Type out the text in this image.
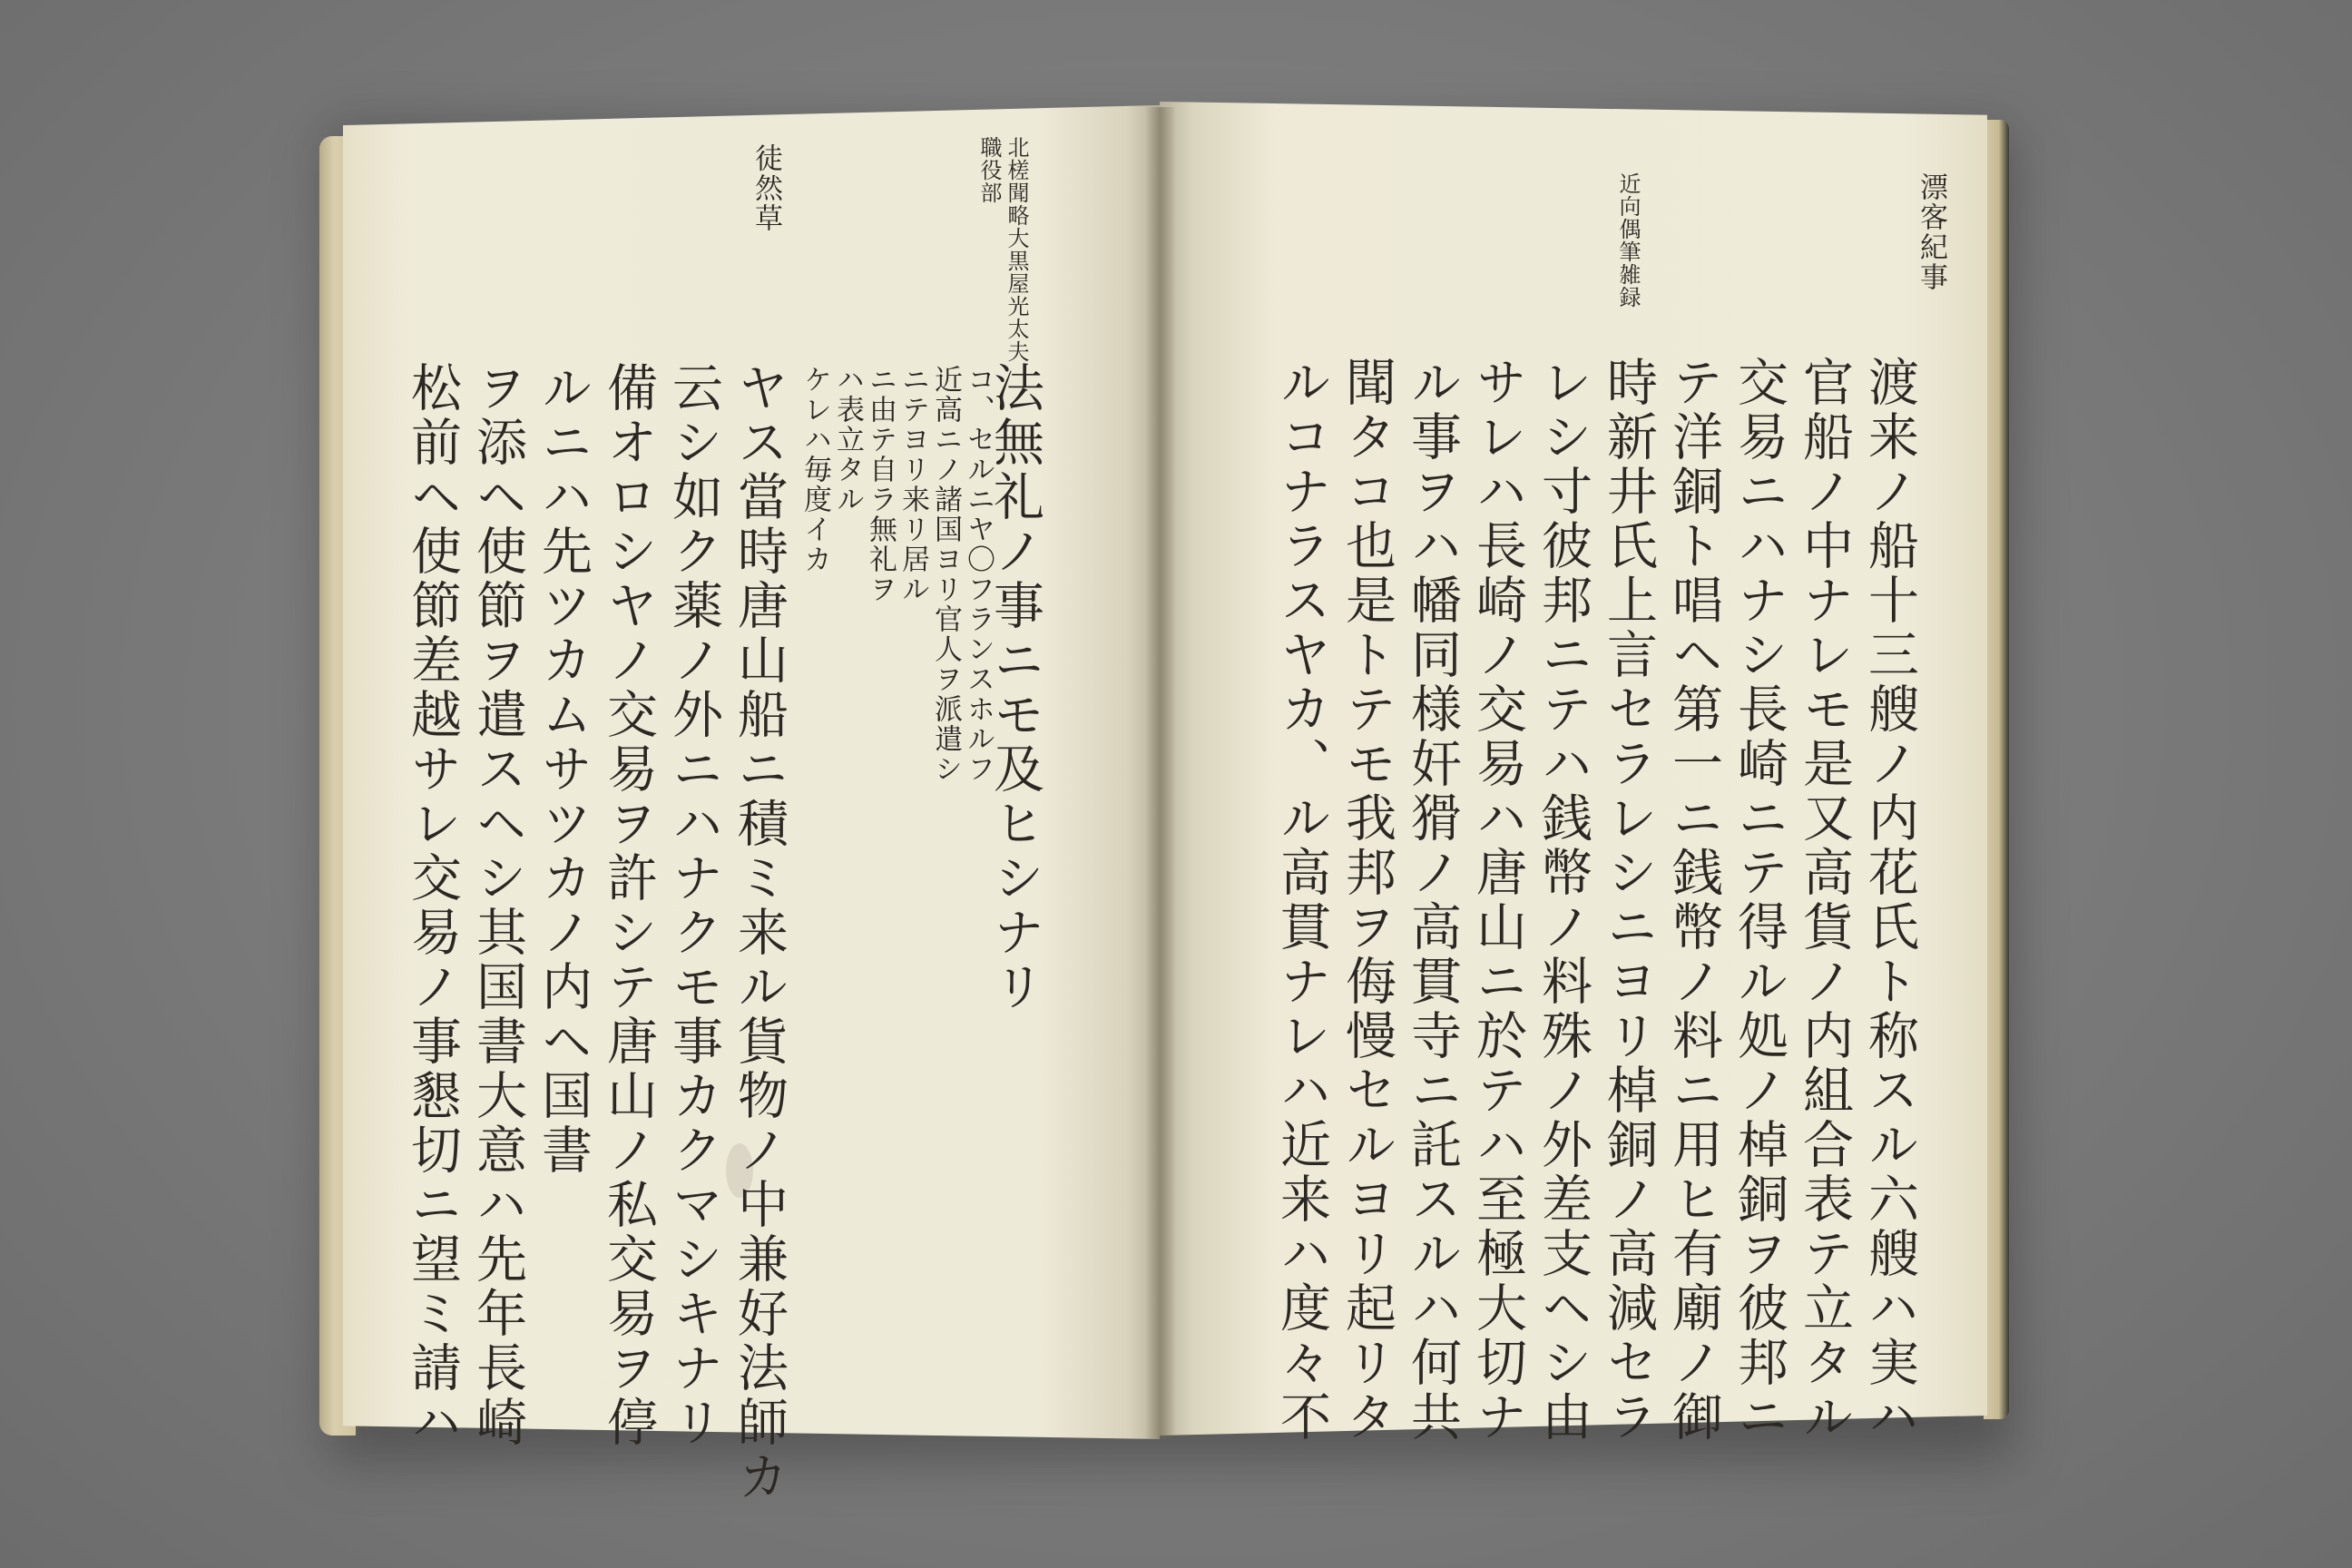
北槎聞略大黒屋光太夫
職役部
徒然草
法無礼ノ事ニモ及ヒシナリ
コ、セルニヤ〇フランスホルフ
近高ニノ諸国ヨリ官人ヲ派遣シ
ニテヨリ来リ居ル
ニ由テ自ラ無礼ヲ
ハ表立タル
ケレハ毎度イカ
ヤス當時唐山船ニ積ミ来ル貨物ノ中兼好法師カ
云シ如ク薬ノ外ニハナクモ事カクマシキナリ
備オロシヤノ交易ヲ許シテ唐山ノ私交易ヲ停
ルニハ先ツカムサツカノ内ヘ国書
ヲ添ヘ使節ヲ遣スヘシ其国書大意ハ先年長崎
松前ヘ使節差越サレ交易ノ事懇切ニ望ミ請ハ
漂客紀事
近向偶筆雑録
渡来ノ船十三艘ノ内花氏ト称スル六艘ハ実ハ
官船ノ中ナレモ是又高貨ノ内組合表テ立タル
交易ニハナシ長崎ニテ得ル処ノ棹銅ヲ彼邦ニ
テ洋銅ト唱ヘ第一ニ銭幣ノ料ニ用ヒ有廟ノ御
時新井氏上言セラレシニヨリ棹銅ノ高減セラ
レシ寸彼邦ニテハ銭幣ノ料殊ノ外差支ヘシ由
サレハ長崎ノ交易ハ唐山ニ於テハ至極大切ナ
ル事ヲハ幡同様奸猾ノ高貫寺ニ託スルハ何共
聞タコ也是トテモ我邦ヲ侮慢セルヨリ起リタ
ルコナラスヤカ、ル高貫ナレハ近来ハ度々不
